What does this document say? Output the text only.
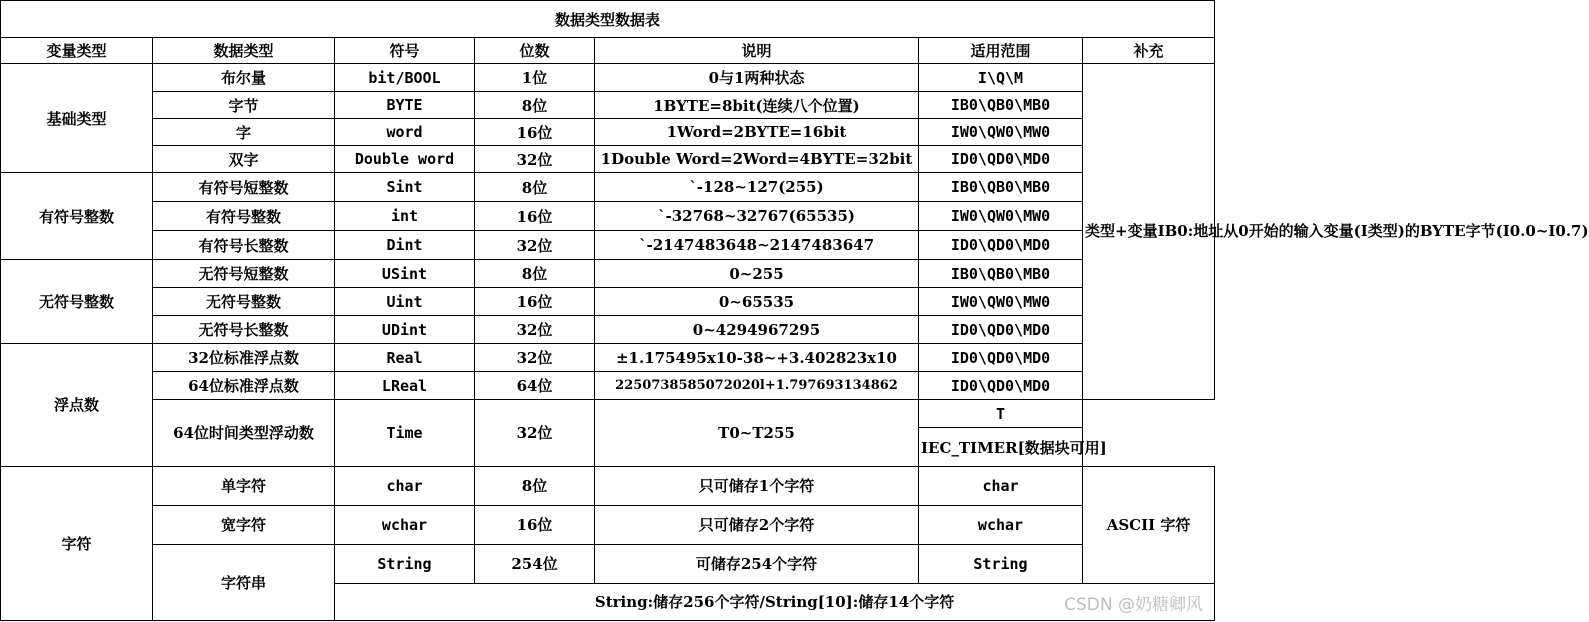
数据类型数据表						
变量类型	数据类型	符号	位数	说明	适用范围	补充
基础类型	布尔量	bit/BOOL	1位	0与1两种状态	I\Q\M	类型+变量IB0:地址从0开始的输入变量(I类型)的BYTE字节(I0.0~I0.7)
	字节	BYTE	8位	1BYTE=8bit(连续八个位置)	IB0\QB0\MB0	
	字	word	16位	1Word=2BYTE=16bit	IW0\QW0\MW0	
	双字	Double word	32位	1Double Word=2Word=4BYTE=32bit	ID0\QD0\MD0	
有符号整数	有符号短整数	Sint	8位	`-128~127(255)	IB0\QB0\MB0	
	有符号整数	int	16位	`-32768~32767(65535)	IW0\QW0\MW0	
	有符号长整数	Dint	32位	`-2147483648~2147483647	ID0\QD0\MD0	
无符号整数	无符号短整数	USint	8位	0~255	IB0\QB0\MB0	
	无符号整数	Uint	16位	0~65535	IW0\QW0\MW0	
	无符号长整数	UDint	32位	0~4294967295	ID0\QD0\MD0	
浮点数	32位标准浮点数	Real	32位	±1.175495x10-38~+3.402823x10	ID0\QD0\MD0	
	64位标准浮点数	LReal	64位	2250738585072020l+1.797693134862	ID0\QD0\MD0	
	64位时间类型浮动数	Time	32位	T0~T255	T	
					IEC_TIMER[数据块可用]	
字符	单字符	char	8位	只可储存1个字符	char	ASCII 字符
	宽字符	wchar	16位	只可储存2个字符	wchar	
	字符串	String	254位	可储存254个字符	String	
		String:储存256个字符/String[10]:储存14个字符					CSDN @奶糖卿风
